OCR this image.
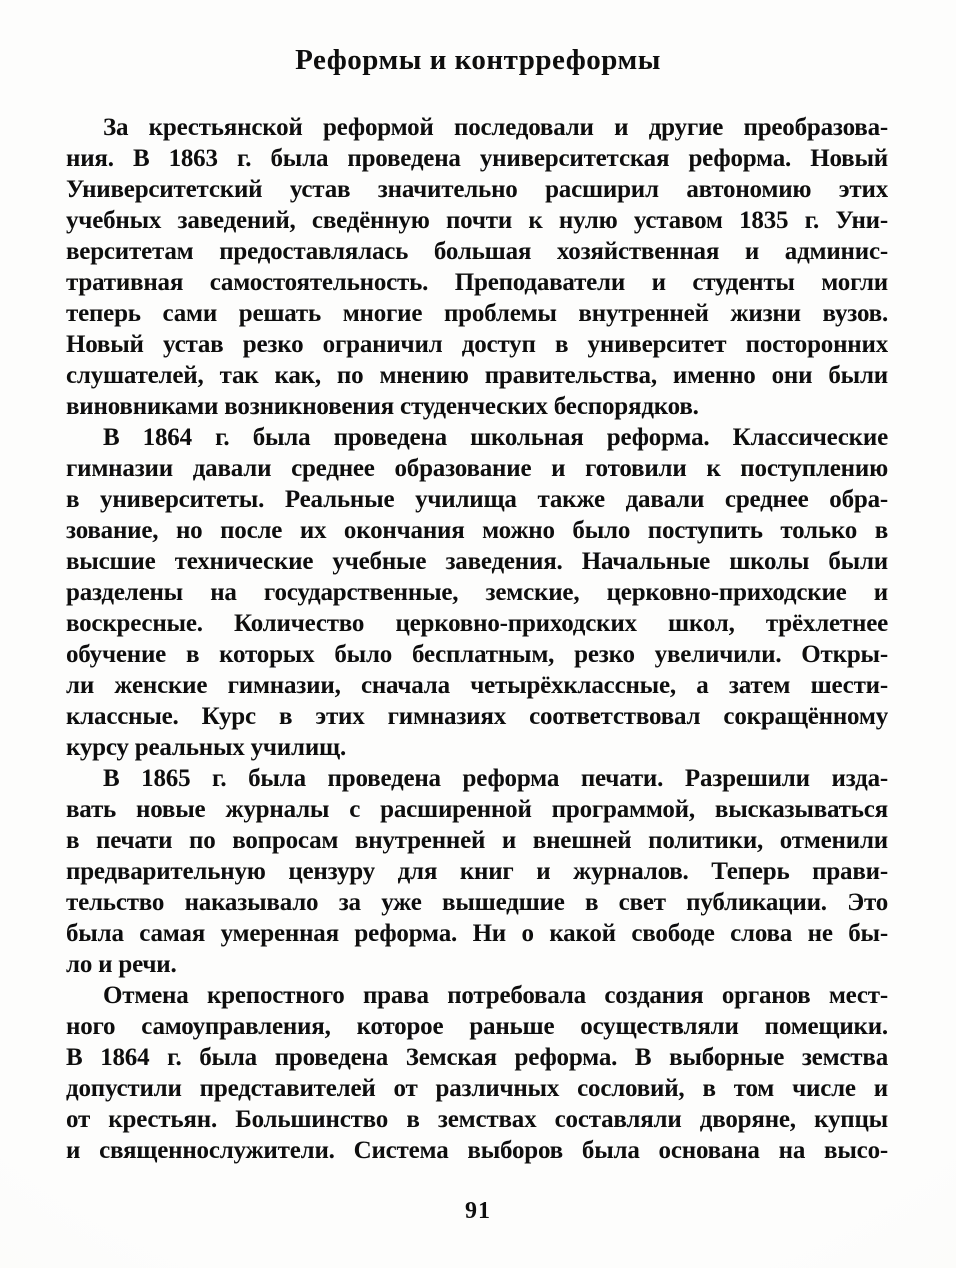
Реформы и контрреформы
За крестьянской реформой последовали и другие преобразова-
ния. В 1863 г. была проведена университетская реформа. Новый
Университетский устав значительно расширил автономию этих
учебных заведений, сведённую почти к нулю уставом 1835 г. Уни-
верситетам предоставлялась большая хозяйственная и админис-
тративная самостоятельность. Преподаватели и студенты могли
теперь сами решать многие проблемы внутренней жизни вузов.
Новый устав резко ограничил доступ в университет посторонних
слушателей, так как, по мнению правительства, именно они были
виновниками возникновения студенческих беспорядков.
В 1864 г. была проведена школьная реформа. Классические
гимназии давали среднее образование и готовили к поступлению
в университеты. Реальные училища также давали среднее обра-
зование, но после их окончания можно было поступить только в
высшие технические учебные заведения. Начальные школы были
разделены на государственные, земские, церковно-приходские и
воскресные. Количество церковно-приходских школ, трёхлетнее
обучение в которых было бесплатным, резко увеличили. Откры-
ли женские гимназии, сначала четырёхклассные, а затем шести-
классные. Курс в этих гимназиях соответствовал сокращённому
курсу реальных училищ.
В 1865 г. была проведена реформа печати. Разрешили изда-
вать новые журналы с расширенной программой, высказываться
в печати по вопросам внутренней и внешней политики, отменили
предварительную цензуру для книг и журналов. Теперь прави-
тельство наказывало за уже вышедшие в свет публикации. Это
была самая умеренная реформа. Ни о какой свободе слова не бы-
ло и речи.
Отмена крепостного права потребовала создания органов мест-
ного самоуправления, которое раньше осуществляли помещики.
В 1864 г. была проведена Земская реформа. В выборные земства
допустили представителей от различных сословий, в том числе и
от крестьян. Большинство в земствах составляли дворяне, купцы
и священнослужители. Система выборов была основана на высо-
91
